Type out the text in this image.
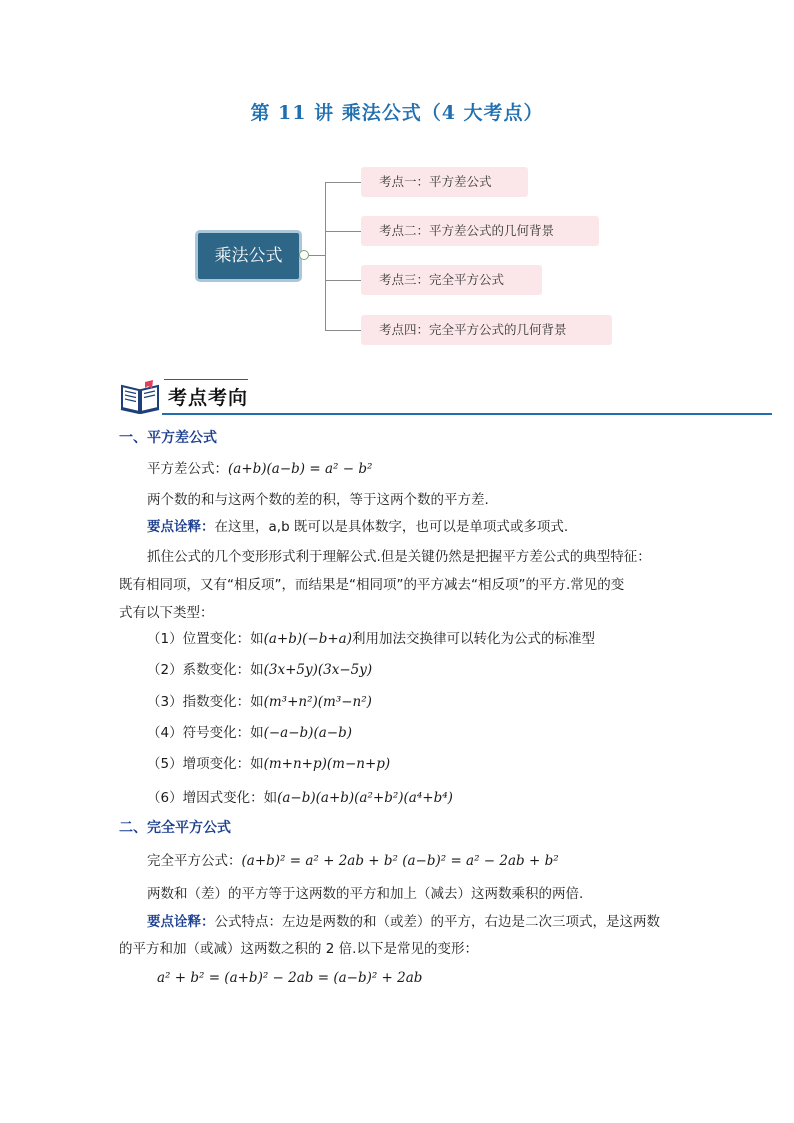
第 11 讲 乘法公式（4 大考点）
乘法公式
考点一：平方差公式
考点二：平方差公式的几何背景
考点三：完全平方公式
考点四：完全平方公式的几何背景
考点考向
一、平方差公式
平方差公式：(a+b)(a−b) = a² − b²
两个数的和与这两个数的差的积，等于这两个数的平方差.
要点诠释：在这里，a,b 既可以是具体数字，也可以是单项式或多项式.
抓住公式的几个变形形式利于理解公式.但是关键仍然是把握平方差公式的典型特征：
既有相同项，又有“相反项”，而结果是“相同项”的平方减去“相反项”的平方.常见的变
式有以下类型：
（1）位置变化：如(a+b)(−b+a)利用加法交换律可以转化为公式的标准型
（2）系数变化：如(3x+5y)(3x−5y)
（3）指数变化：如(m³+n²)(m³−n²)
（4）符号变化：如(−a−b)(a−b)
（5）增项变化：如(m+n+p)(m−n+p)
（6）增因式变化：如(a−b)(a+b)(a²+b²)(a⁴+b⁴)
二、完全平方公式
完全平方公式：(a+b)² = a² + 2ab + b² (a−b)² = a² − 2ab + b²
两数和（差）的平方等于这两数的平方和加上（减去）这两数乘积的两倍.
要点诠释：公式特点：左边是两数的和（或差）的平方，右边是二次三项式，是这两数
的平方和加（或减）这两数之积的 2 倍.以下是常见的变形：
a² + b² = (a+b)² − 2ab = (a−b)² + 2ab
